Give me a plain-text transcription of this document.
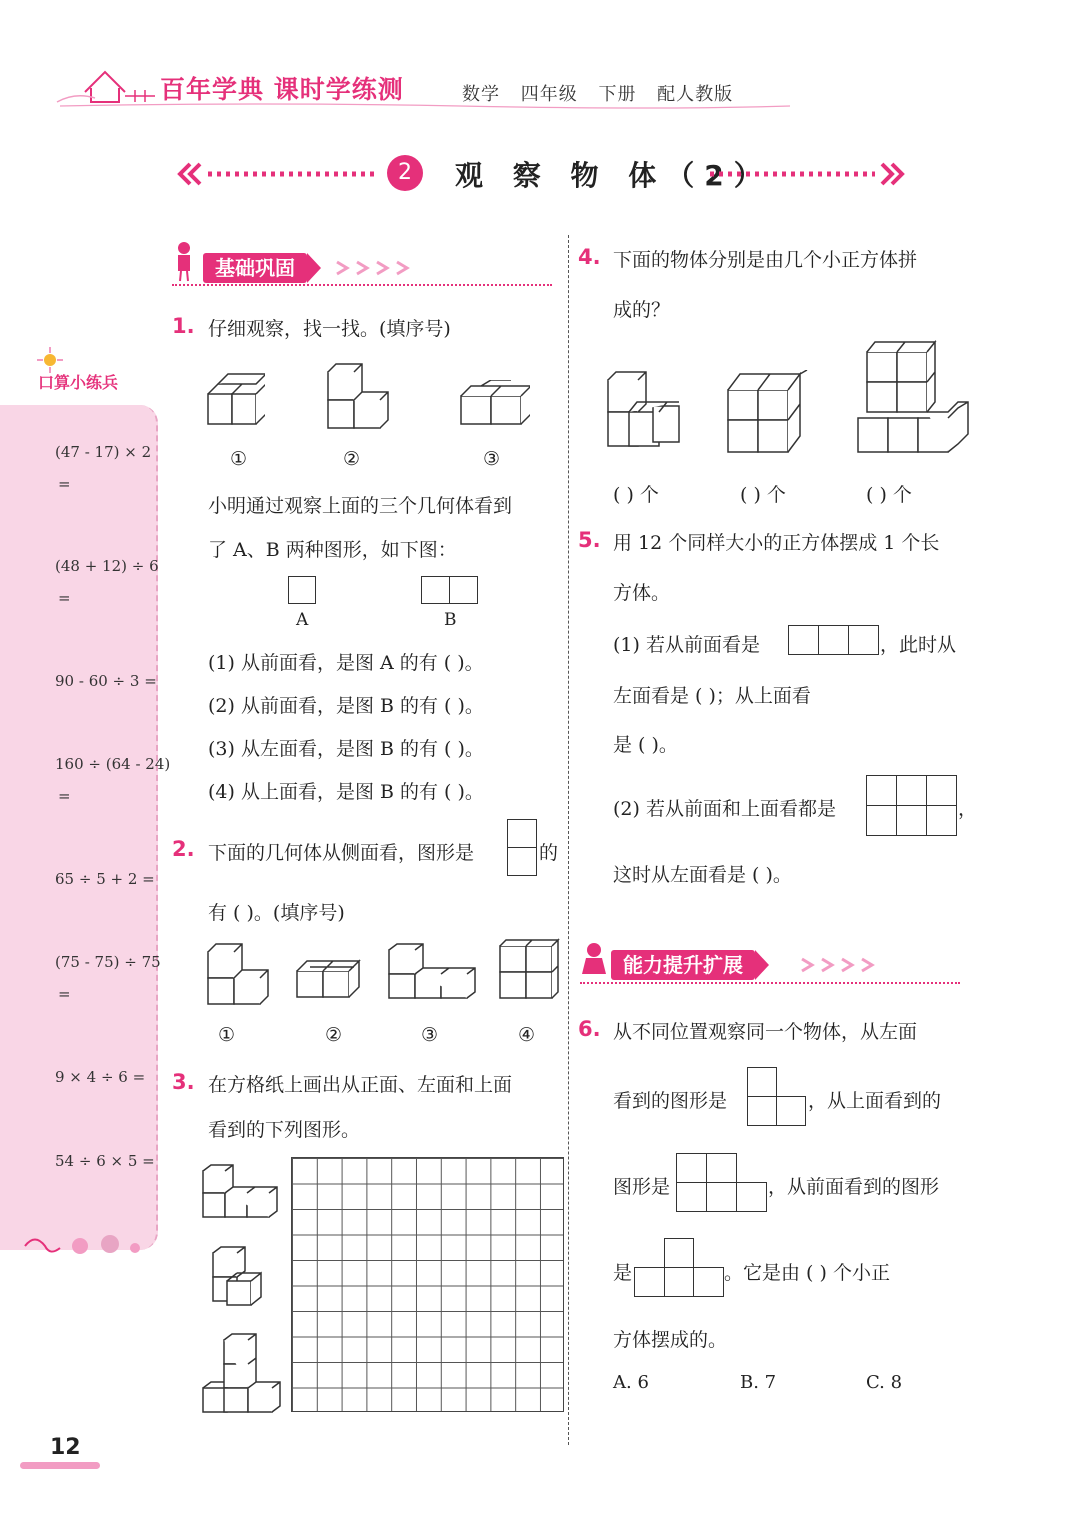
百年学典 课时学练测	数学 四年级 下册 配人教版
2	观 察 物 体（2）
口算小练兵
(47 - 17) × 2
=
(48 + 12) ÷ 6
=
90 - 60 ÷ 3 =
160 ÷ (64 - 24)
=
65 ÷ 5 + 2 =
(75 - 75) ÷ 75
=
9 × 4 ÷ 6 =
54 ÷ 6 × 5 =
基础巩固
1. 仔细观察，找一找。(填序号)
①	②	③
小明通过观察上面的三个几何体看到
了 A、B 两种图形，如下图：
A	B
(1) 从前面看，是图 A 的有 ( )。
(2) 从前面看，是图 B 的有 ( )。
(3) 从左面看，是图 B 的有 ( )。
(4) 从上面看，是图 B 的有 ( )。
2. 下面的几何体从侧面看，图形是	的
有 ( )。(填序号)
①	②	③	④
3. 在方格纸上画出从正面、左面和上面
看到的下列图形。
4. 下面的物体分别是由几个小正方体拼
成的？
( ) 个	( ) 个	( ) 个
5. 用 12 个同样大小的正方体摆成 1 个长
方体。
(1) 若从前面看是	，此时从
左面看是 ( )；从上面看
是 ( )。
(2) 若从前面和上面看都是	，
这时从左面看是 ( )。
能力提升扩展
6. 从不同位置观察同一个物体，从左面
看到的图形是	，从上面看到的
图形是	，从前面看到的图形
是	。它是由 ( ) 个小正
方体摆成的。
A. 6	B. 7	C. 8
12
